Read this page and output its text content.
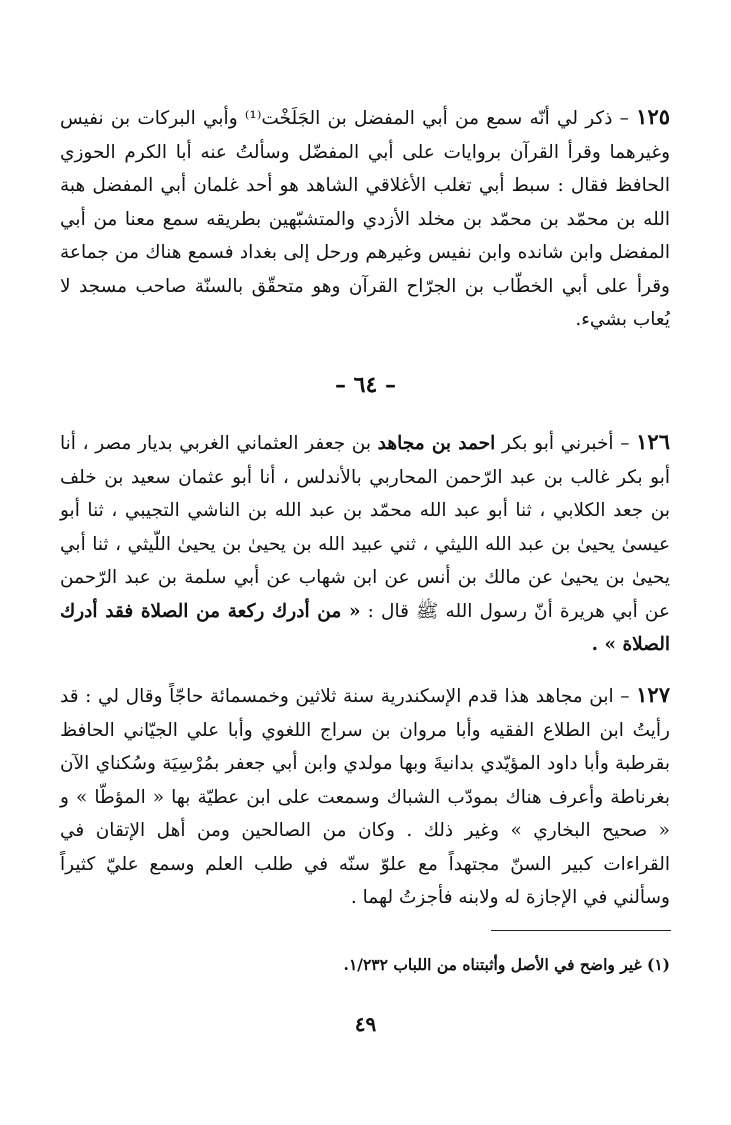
١٢٥ – ذكر لي أنّه سمع من أبي المفضل بن الجَلَخْت⁽¹⁾ وأبي البركات بن نفيس وغيرهما وقرأ القرآن بروايات على أبي المفضّل وسألتُ عنه أبا الكرم الحوزي الحافظ فقال : سبط أبي تغلب الأغلاقي الشاهد هو أحد غلمان أبي المفضل هبة الله بن محمّد بن محمّد بن مخلد الأزدي والمتشبّهين بطريقه سمع معنا من أبي المفضل وابن شانده وابن نفيس وغيرهم ورحل إلى بغداد فسمع هناك من جماعة وقرأ على أبي الخطّاب بن الجرّاح القرآن وهو متحقّق بالسنّة صاحب مسجد لا يُعاب بشيء.
– ٦٤ –
١٢٦ – أخبرني أبو بكر احمد بن مجاهد بن جعفر العثماني الغربي بديار مصر ، أنا أبو بكر غالب بن عبد الرّحمن المحاربي بالأندلس ، أنا أبو عثمان سعيد بن خلف بن جعد الكلابي ، ثنا أبو عبد الله محمّد بن عبد الله بن الناشي التجيبي ، ثنا أبو عيسىٰ يحيىٰ بن عبد الله الليثي ، ثني عبيد الله بن يحيىٰ بن يحيىٰ اللّيثي ، ثنا أبي يحيىٰ بن يحيىٰ عن مالك بن أنس عن ابن شهاب عن أبي سلمة بن عبد الرّحمن عن أبي هريرة أنّ رسول الله ﷺ قال : « من أدرك ركعة من الصلاة فقد أدرك الصلاة » .
١٢٧ – ابن مجاهد هذا قدم الإسكندرية سنة ثلاثين وخمسمائة حاجّاً وقال لي : قد رأيتُ ابن الطلاع الفقيه وأبا مروان بن سراج اللغوي وأبا علي الجيّاني الحافظ بقرطبة وأبا داود المؤيّدي بدانيةَ وبها مولدي وابن أبي جعفر بمُرْسِيَة وسُكناي الآن بغرناطة وأعرف هناك بمودّب الشباك وسمعت على ابن عطيّة بها « المؤطّا » و « صحيح البخاري » وغير ذلك . وكان من الصالحين ومن أهل الإتقان في القراءات كبير السنّ مجتهداً مع علوّ سنّه في طلب العلم وسمع عليّ كثيراً وسألني في الإجازة له ولابنه فأجزتُ لهما .
(١) غير واضح في الأصل وأثبتناه من اللباب ١/٢٣٢.
٤٩
